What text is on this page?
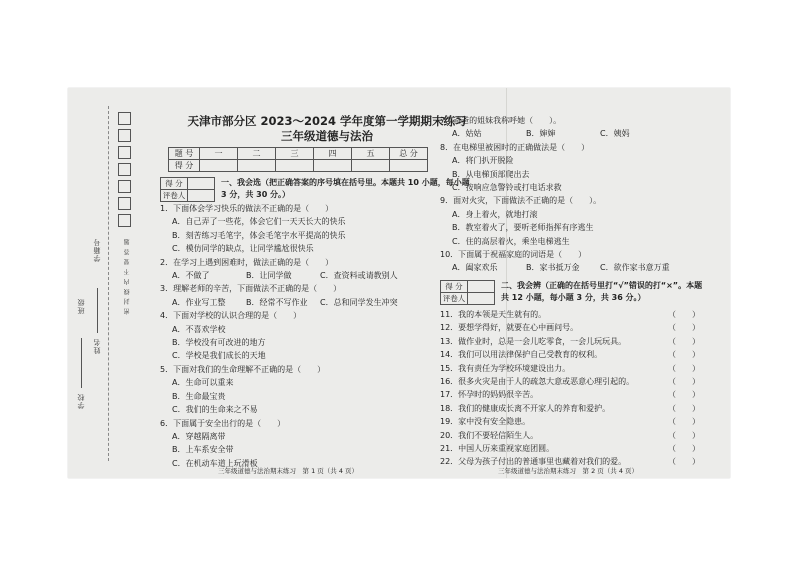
学校
班级
姓名
学籍号	密 封 线 内 不 要 答 题
天津市部分区 2023～2024 学年度第一学期期末练习
三年级道德与法治
题 号	一	二	三	四	五	总 分
得 分						
得 分	
评卷人	
一、我会选（把正确答案的序号填在括号里。本题共 10 小题，每小题 3 分，共 30 分。）

1．下面体会学习快乐的做法不正确的是（　　）

A．自己弄了一些花，体会它们一天天长大的快乐

B．刻苦练习毛笔字，体会毛笔字水平提高的快乐

C．模仿同学的缺点，让同学尴尬很快乐

2．在学习上遇到困难时，做法正确的是（　　）

A．不做了	B．让同学做	C．查资料或请教别人

3．理解老师的辛苦，下面做法不正确的是（　　）

A．作业写工整	B．经常不写作业	C．总和同学发生冲突

4．下面对学校的认识合理的是（　　）

A．不喜欢学校

B．学校没有可改进的地方

C．学校是我们成长的天地

5．下面对我们的生命理解不正确的是（　　）

A．生命可以重来

B．生命最宝贵

C．我们的生命来之不易

6．下面属于安全出行的是（　　）

A．穿越隔离带

B．上车系安全带

C．在机动车道上玩滑板

三年级道德与法治期末练习　第 1 页（共 4 页）

7．爸爸的姐妹我称呼她（　　）。

A．姑姑	B．婶婶	C．姨妈

8．在电梯里被困时的正确做法是（　　）

A．将门扒开脱险

B．从电梯顶部爬出去

C．按响应急警铃或打电话求救

9．面对火灾，下面做法不正确的是（　　）。

A．身上着火，就地打滚

B．教室着火了，要听老师指挥有序逃生

C．住的高层着火，乘坐电梯逃生

10．下面属于祝福家庭的词语是（　　）

A．阖家欢乐	B．家书抵万金	C．欲作家书意万重
得 分	
评卷人	
二、我会辨（正确的在括号里打“√”错误的打“×”。本题共 12 小题，每小题 3 分，共 36 分。）
11．我的本领是天生就有的。	（　　）
12．要想学得好，就要在心中画问号。	（　　）
13．做作业时，总是一会儿吃零食，一会儿玩玩具。	（　　）
14．我们可以用法律保护自己受教育的权利。	（　　）
15．我有责任为学校环境建设出力。	（　　）
16．很多火灾是由于人的疏忽大意或恶意心理引起的。	（　　）
17．怀孕时的妈妈很辛苦。	（　　）
18．我们的健康成长离不开家人的养育和爱护。	（　　）
19．家中没有安全隐患。	（　　）
20．我们不要轻信陌生人。	（　　）
21．中国人历来重视家庭团圆。	（　　）
22．父母为孩子付出的普通事里也藏着对我们的爱。	（　　）
三年级道德与法治期末练习　第 2 页（共 4 页）
